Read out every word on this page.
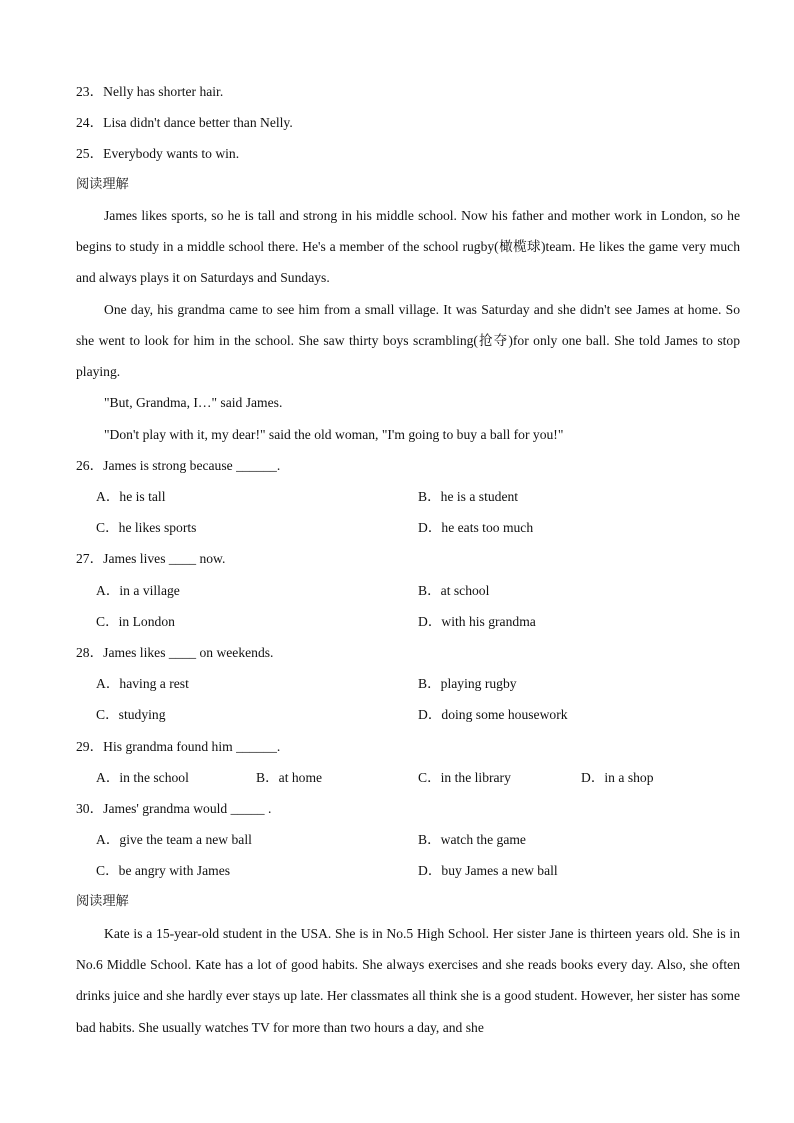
23．Nelly has shorter hair.
24．Lisa didn't dance better than Nelly.
25．Everybody wants to win.
阅读理解
James likes sports, so he is tall and strong in his middle school. Now his father and mother work in London, so he begins to study in a middle school there. He's a member of the school rugby(橄榄球)team. He likes the game very much and always plays it on Saturdays and Sundays.
One day, his grandma came to see him from a small village. It was Saturday and she didn't see James at home. So she went to look for him in the school. She saw thirty boys scrambling(抢夺)for only one ball. She told James to stop playing.
"But, Grandma, I…" said James.
"Don't play with it, my dear!" said the old woman, "I'm going to buy a ball for you!"
26．James is strong because ______.
A．he is tall	B．he is a student
C．he likes sports	D．he eats too much
27．James lives ____ now.
A．in a village	B．at school
C．in London	D．with his grandma
28．James likes ____ on weekends.
A．having a rest	B．playing rugby
C．studying	D．doing some housework
29．His grandma found him ______.
A．in the school	B．at home	C．in the library	D．in a shop
30．James' grandma would _____ .
A．give the team a new ball	B．watch the game
C．be angry with James	D．buy James a new ball
阅读理解
Kate is a 15-year-old student in the USA. She is in No.5 High School. Her sister Jane is thirteen years old. She is in No.6 Middle School. Kate has a lot of good habits. She always exercises and she reads books every day. Also, she often drinks juice and she hardly ever stays up late. Her classmates all think she is a good student. However, her sister has some bad habits. She usually watches TV for more than two hours a day, and she
